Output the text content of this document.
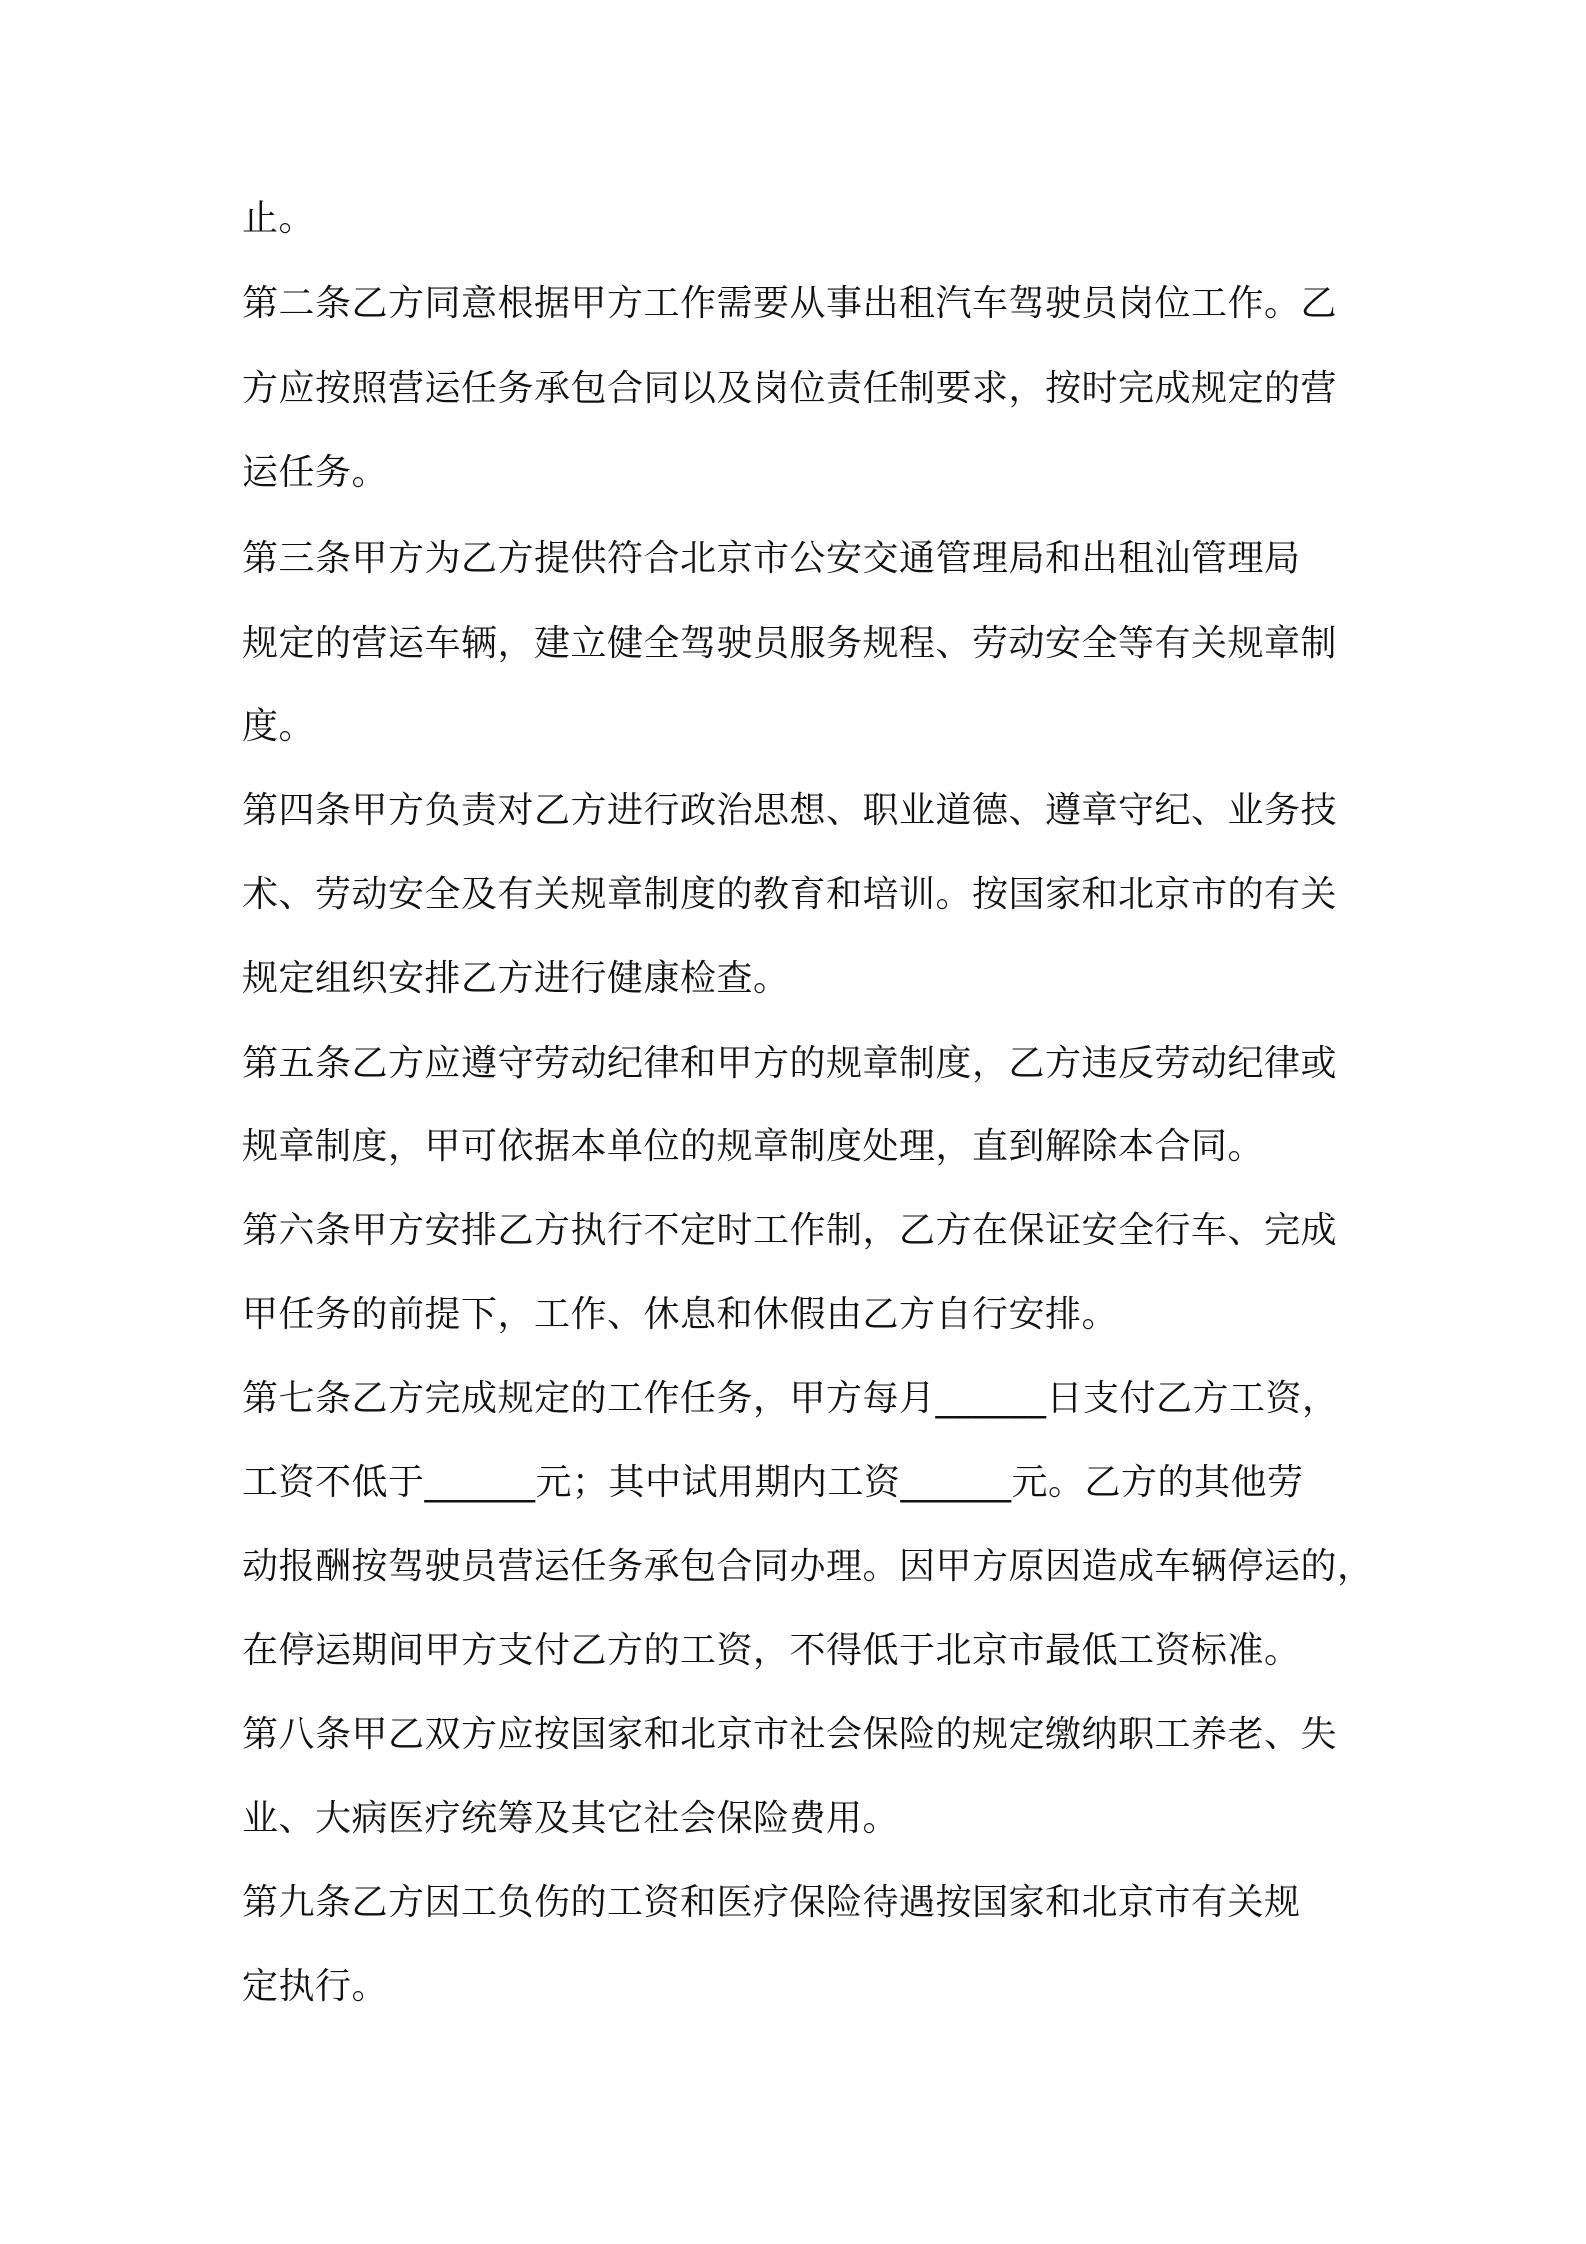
止。
第二条乙方同意根据甲方工作需要从事出租汽车驾驶员岗位工作。乙
方应按照营运任务承包合同以及岗位责任制要求，按时完成规定的营
运任务。
第三条甲方为乙方提供符合北京市公安交通管理局和出租汕管理局
规定的营运车辆，建立健全驾驶员服务规程、劳动安全等有关规章制
度。
第四条甲方负责对乙方进行政治思想、职业道德、遵章守纪、业务技
术、劳动安全及有关规章制度的教育和培训。按国家和北京市的有关
规定组织安排乙方进行健康检查。
第五条乙方应遵守劳动纪律和甲方的规章制度，乙方违反劳动纪律或
规章制度，甲可依据本单位的规章制度处理，直到解除本合同。
第六条甲方安排乙方执行不定时工作制，乙方在保证安全行车、完成
甲任务的前提下，工作、休息和休假由乙方自行安排。
第七条乙方完成规定的工作任务，甲方每月______日支付乙方工资，
工资不低于______元；其中试用期内工资______元。乙方的其他劳
动报酬按驾驶员营运任务承包合同办理。因甲方原因造成车辆停运的，
在停运期间甲方支付乙方的工资，不得低于北京市最低工资标准。
第八条甲乙双方应按国家和北京市社会保险的规定缴纳职工养老、失
业、大病医疗统筹及其它社会保险费用。
第九条乙方因工负伤的工资和医疗保险待遇按国家和北京市有关规
定执行。
